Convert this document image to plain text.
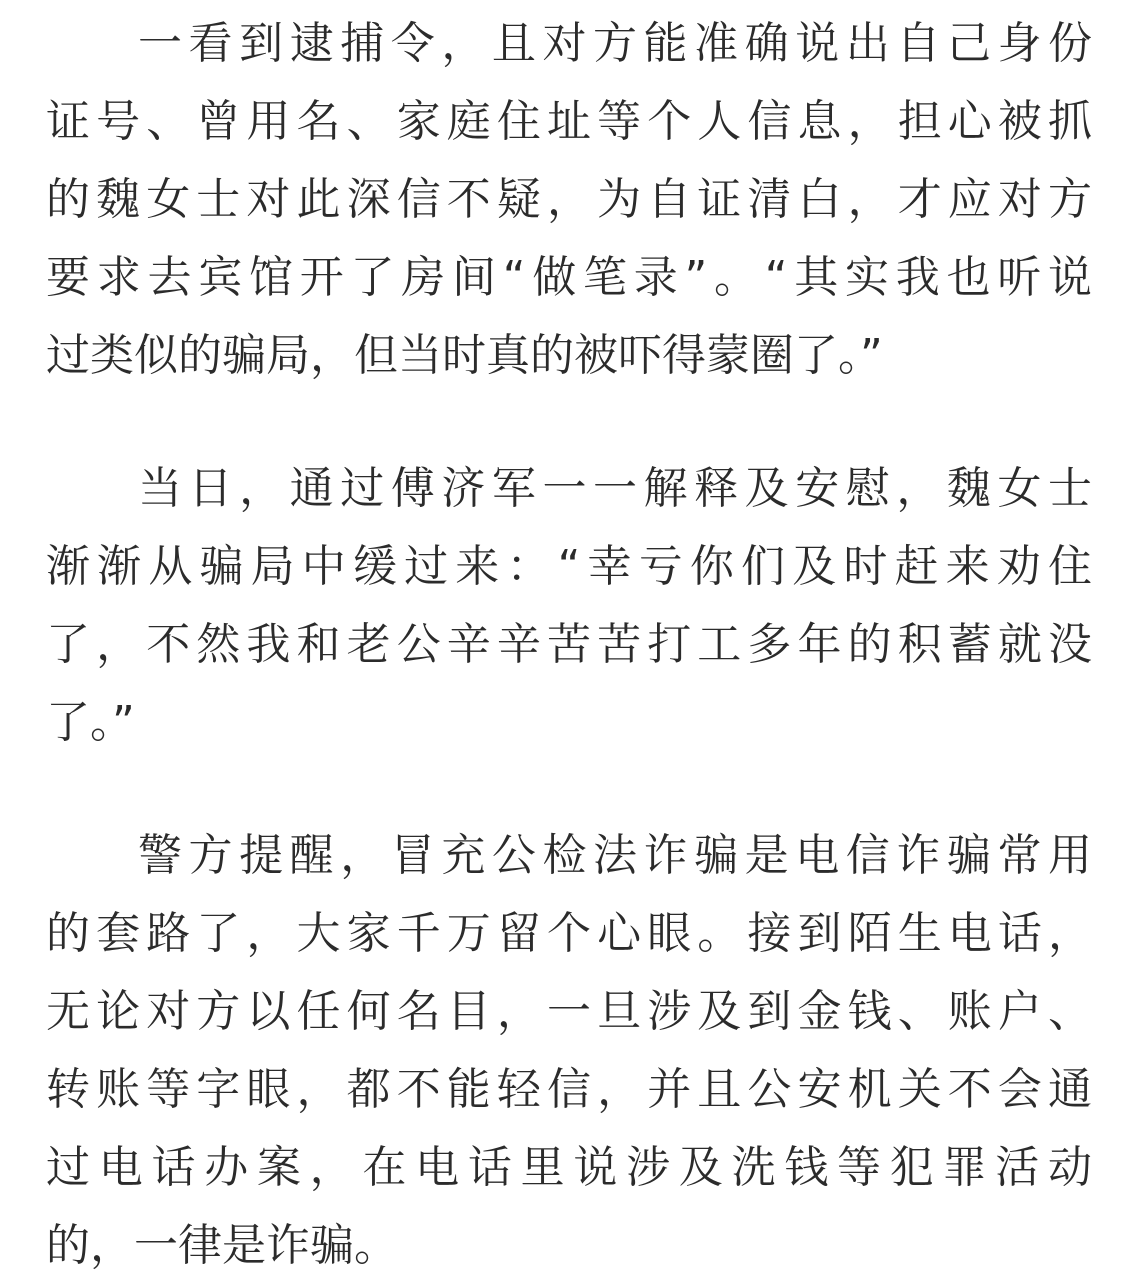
一看到逮捕令，且对方能准确说出自己身份
证号、曾用名、家庭住址等个人信息，担心被抓
的魏女士对此深信不疑，为自证清白，才应对方
要求去宾馆开了房间“做笔录”。“其实我也听说
过类似的骗局，但当时真的被吓得蒙圈了。”
当日，通过傅济军一一解释及安慰，魏女士
渐渐从骗局中缓过来：“幸亏你们及时赶来劝住
了，不然我和老公辛辛苦苦打工多年的积蓄就没
了。”
警方提醒，冒充公检法诈骗是电信诈骗常用
的套路了，大家千万留个心眼。接到陌生电话，
无论对方以任何名目，一旦涉及到金钱、账户、
转账等字眼，都不能轻信，并且公安机关不会通
过电话办案，在电话里说涉及洗钱等犯罪活动
的，一律是诈骗。
